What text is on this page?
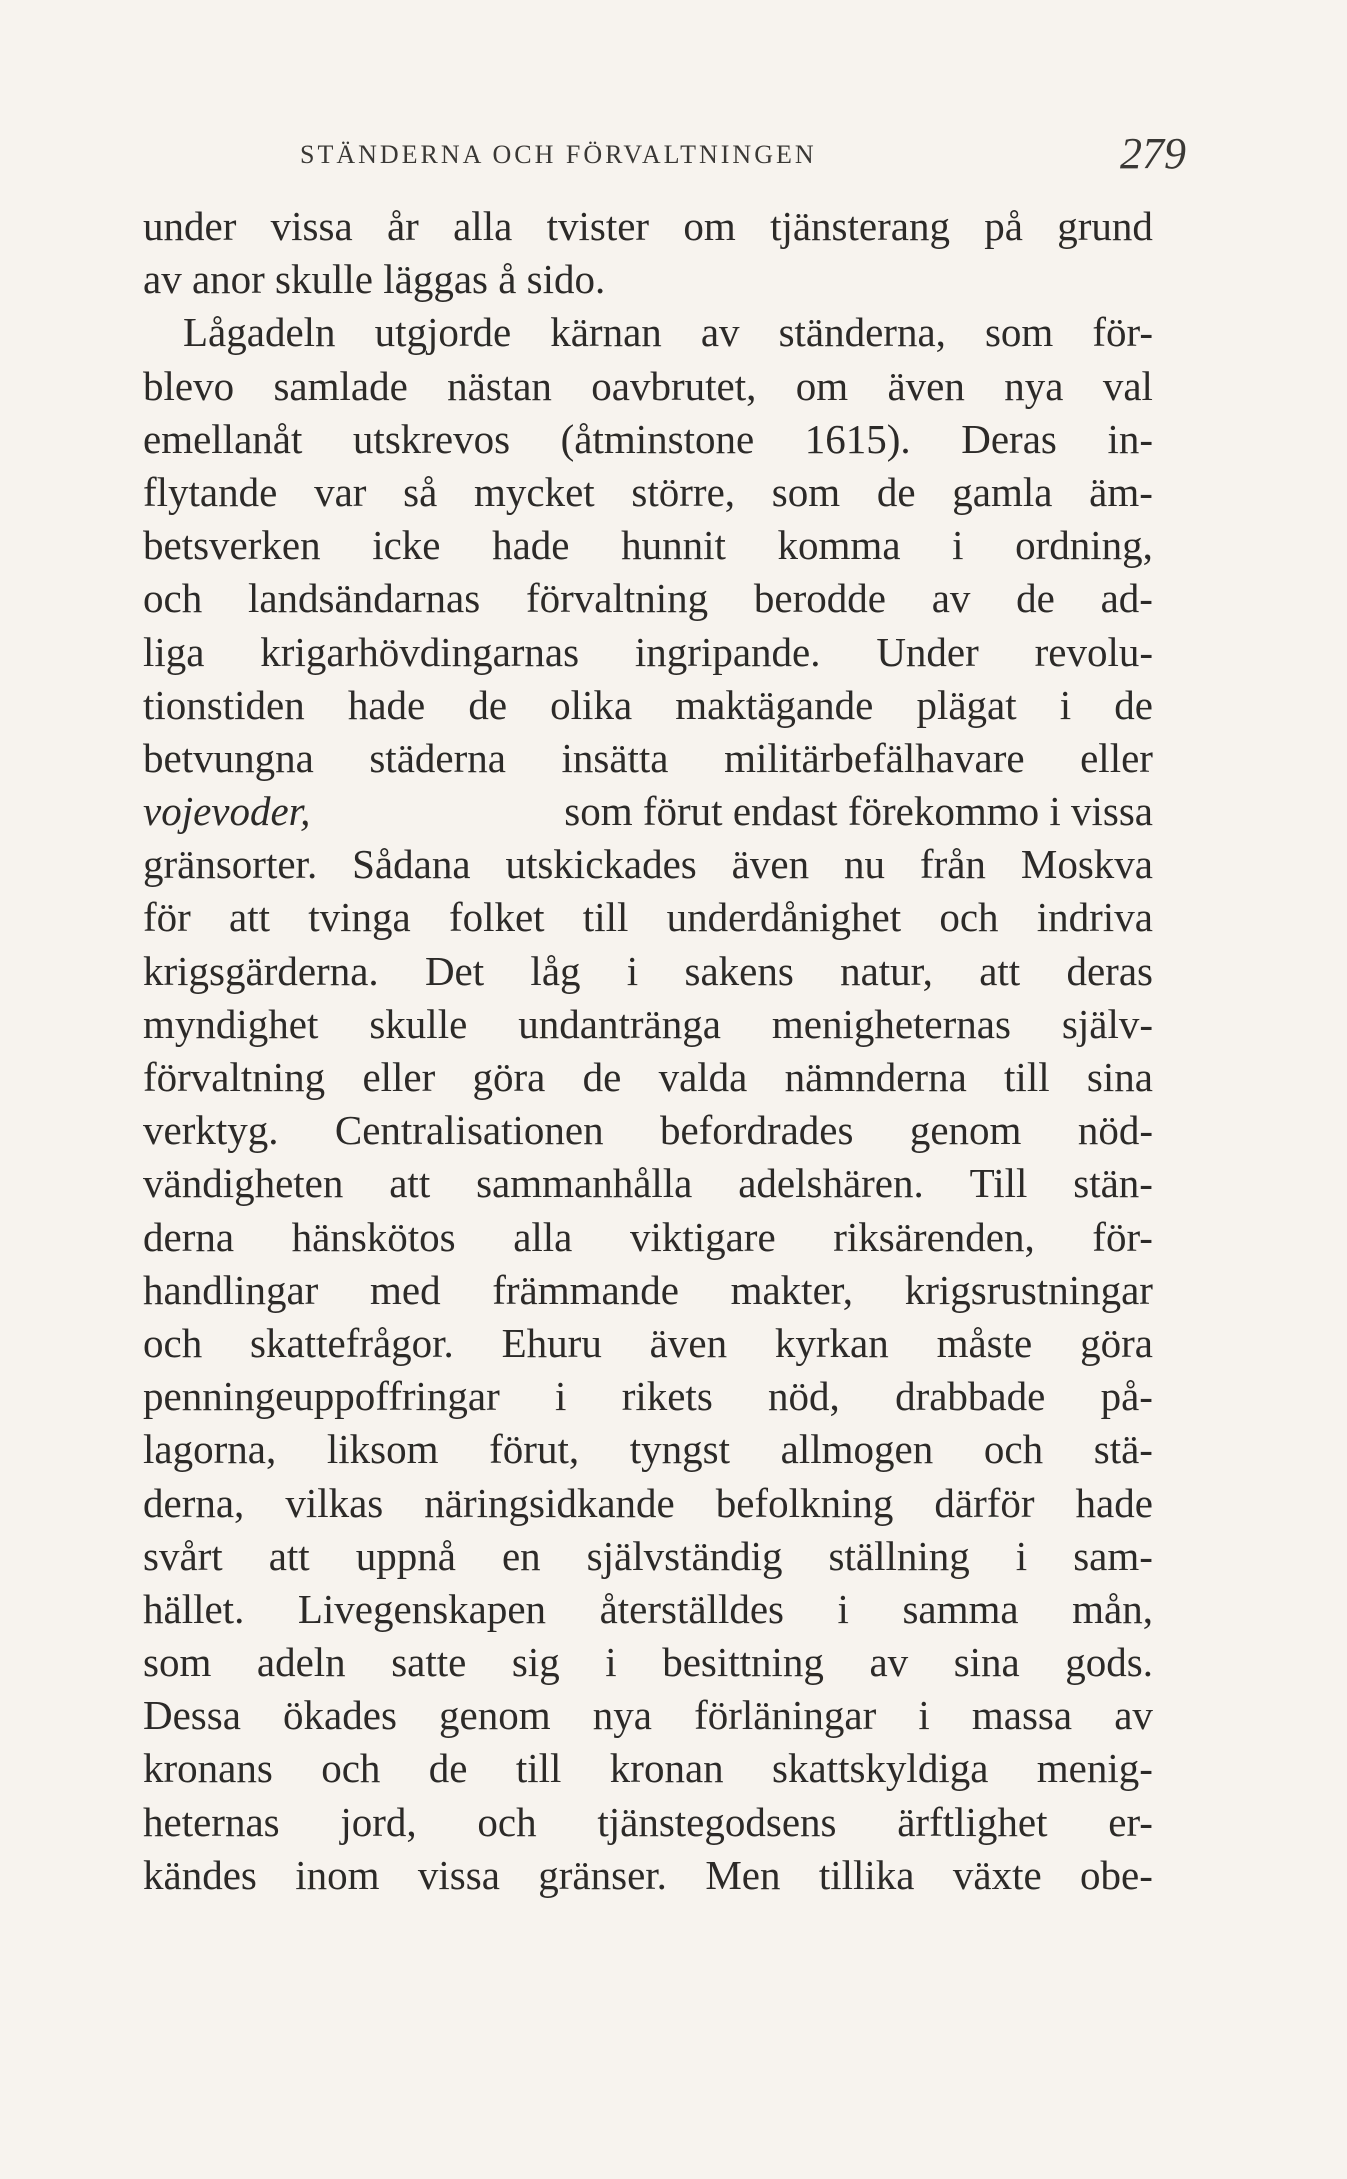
STÄNDERNA OCH FÖRVALTNINGEN	279
under vissa år alla tvister om tjänsterang på grund
av anor skulle läggas å sido.
Lågadeln utgjorde kärnan av ständerna, som för-
blevo samlade nästan oavbrutet, om även nya val
emellanåt utskrevos (åtminstone 1615). Deras in-
flytande var så mycket större, som de gamla äm-
betsverken icke hade hunnit komma i ordning,
och landsändarnas förvaltning berodde av de ad-
liga krigarhövdingarnas ingripande. Under revolu-
tionstiden hade de olika maktägande plägat i de
betvungna städerna insätta militärbefälhavare eller
vojevoder,	som förut endast förekommo i vissa
gränsorter. Sådana utskickades även nu från Moskva
för att tvinga folket till underdånighet och indriva
krigsgärderna. Det låg i sakens natur, att deras
myndighet skulle undantränga menigheternas själv-
förvaltning eller göra de valda nämnderna till sina
verktyg. Centralisationen befordrades genom nöd-
vändigheten att sammanhålla adelshären. Till stän-
derna hänskötos alla viktigare riksärenden, för-
handlingar med främmande makter, krigsrustningar
och skattefrågor. Ehuru även kyrkan måste göra
penningeuppoffringar i rikets nöd, drabbade på-
lagorna, liksom förut, tyngst allmogen och stä-
derna, vilkas näringsidkande befolkning därför hade
svårt att uppnå en självständig ställning i sam-
hället. Livegenskapen återställdes i samma mån,
som adeln satte sig i besittning av sina gods.
Dessa ökades genom nya förläningar i massa av
kronans och de till kronan skattskyldiga menig-
heternas jord, och tjänstegodsens ärftlighet er-
kändes inom vissa gränser. Men tillika växte obe-
